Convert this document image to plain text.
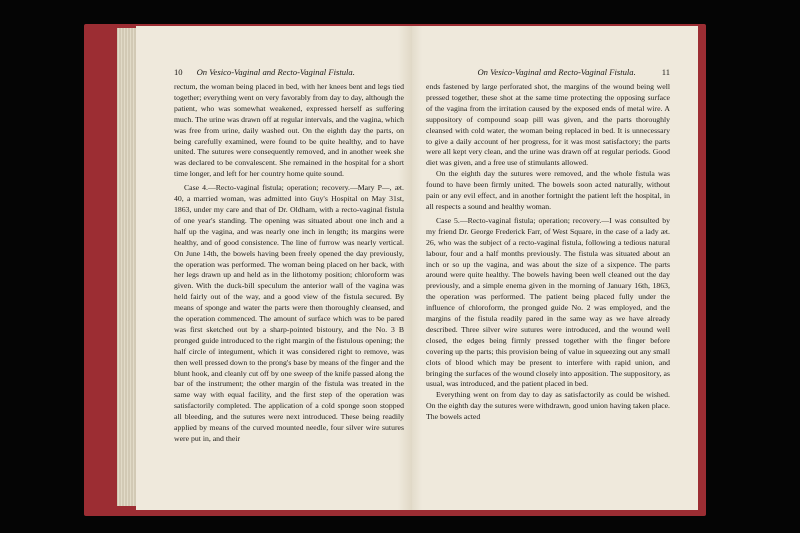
10	On Vesico-Vaginal and Recto-Vaginal Fistula.

rectum, the woman being placed in bed, with her knees bent and legs tied together; everything went on very favorably from day to day, although the patient, who was somewhat weakened, expressed herself as suffering much. The urine was drawn off at regular intervals, and the vagina, which was free from urine, daily washed out. On the eighth day the parts, on being carefully examined, were found to be quite healthy, and to have united. The sutures were consequently removed, and in another week she was declared to be convalescent. She remained in the hospital for a short time longer, and left for her country home quite sound.

Case 4.—Recto-vaginal fistula; operation; recovery.—Mary P—, æt. 40, a married woman, was admitted into Guy's Hospital on May 31st, 1863, under my care and that of Dr. Oldham, with a recto-vaginal fistula of one year's standing. The opening was situated about one inch and a half up the vagina, and was nearly one inch in length; its margins were healthy, and of good consistence. The line of furrow was nearly vertical. On June 14th, the bowels having been freely opened the day previously, the operation was performed. The woman being placed on her back, with her legs drawn up and held as in the lithotomy position; chloroform was given. With the duck-bill speculum the anterior wall of the vagina was held fairly out of the way, and a good view of the fistula secured. By means of sponge and water the parts were then thoroughly cleansed, and the operation commenced. The amount of surface which was to be pared was first sketched out by a sharp-pointed bistoury, and the No. 3 B pronged guide introduced to the right margin of the fistulous opening; the half circle of integument, which it was considered right to remove, was then well pressed down to the prong's base by means of the finger and the blunt hook, and cleanly cut off by one sweep of the knife passed along the bar of the instrument; the other margin of the fistula was treated in the same way with equal facility, and the first step of the operation was satisfactorily completed. The application of a cold sponge soon stopped all bleeding, and the sutures were next introduced. These being readily applied by means of the curved mounted needle, four silver wire sutures were put in, and their

On Vesico-Vaginal and Recto-Vaginal Fistula.	11

ends fastened by large perforated shot, the margins of the wound being well pressed together, these shot at the same time protecting the opposing surface of the vagina from the irritation caused by the exposed ends of metal wire. A suppository of compound soap pill was given, and the parts thoroughly cleansed with cold water, the woman being replaced in bed. It is unnecessary to give a daily account of her progress, for it was most satisfactory; the parts were all kept very clean, and the urine was drawn off at regular periods. Good diet was given, and a free use of stimulants allowed.

On the eighth day the sutures were removed, and the whole fistula was found to have been firmly united. The bowels soon acted naturally, without pain or any evil effect, and in another fortnight the patient left the hospital, in all respects a sound and healthy woman.

Case 5.—Recto-vaginal fistula; operation; recovery.—I was consulted by my friend Dr. George Frederick Farr, of West Square, in the case of a lady æt. 26, who was the subject of a recto-vaginal fistula, following a tedious natural labour, four and a half months previously. The fistula was situated about an inch or so up the vagina, and was about the size of a sixpence. The parts around were quite healthy. The bowels having been well cleaned out the day previously, and a simple enema given in the morning of January 16th, 1863, the operation was performed. The patient being placed fully under the influence of chloroform, the pronged guide No. 2 was employed, and the margins of the fistula readily pared in the same way as we have already described. Three silver wire sutures were introduced, and the wound well closed, the edges being firmly pressed together with the finger before covering up the parts; this provision being of value in squeezing out any small clots of blood which may be present to interfere with rapid union, and bringing the surfaces of the wound closely into apposition. The suppository, as usual, was introduced, and the patient placed in bed.

Everything went on from day to day as satisfactorily as could be wished. On the eighth day the sutures were withdrawn, good union having taken place. The bowels acted
